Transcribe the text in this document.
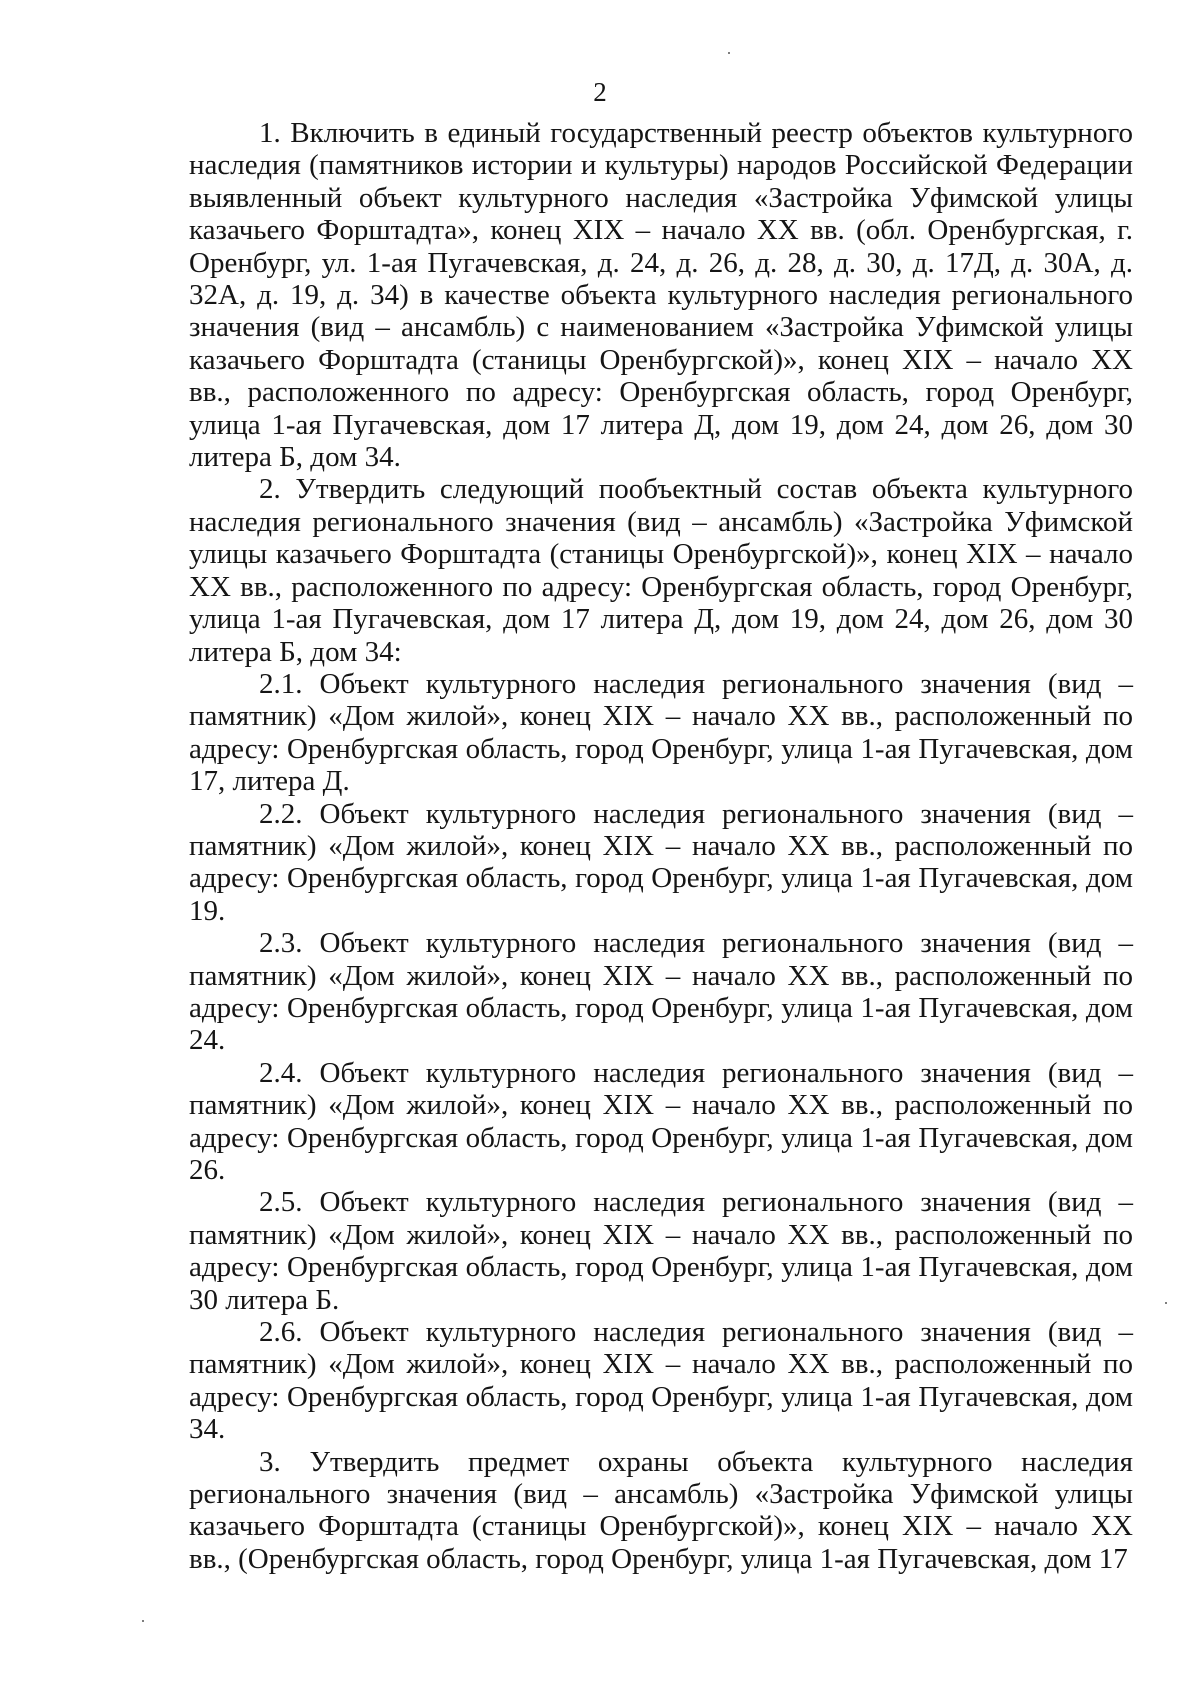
2

1. Включить в единый государственный реестр объектов культурного наследия (памятников истории и культуры) народов Российской Федерации выявленный объект культурного наследия «Застройка Уфимской улицы казачьего Форштадта», конец XIX – начало XX вв. (обл. Оренбургская, г. Оренбург, ул. 1-ая Пугачевская, д. 24, д. 26, д. 28, д. 30, д. 17Д, д. 30А, д. 32А, д. 19, д. 34) в качестве объекта культурного наследия регионального значения (вид – ансамбль) с наименованием «Застройка Уфимской улицы казачьего Форштадта (станицы Оренбургской)», конец XIX – начало XX вв., расположенного по адресу: Оренбургская область, город Оренбург, улица 1-ая Пугачевская, дом 17 литера Д, дом 19, дом 24, дом 26, дом 30 литера Б, дом 34.

2. Утвердить следующий пообъектный состав объекта культурного наследия регионального значения (вид – ансамбль) «Застройка Уфимской улицы казачьего Форштадта (станицы Оренбургской)», конец XIX – начало XX вв., расположенного по адресу: Оренбургская область, город Оренбург, улица 1-ая Пугачевская, дом 17 литера Д, дом 19, дом 24, дом 26, дом 30 литера Б, дом 34:

2.1. Объект культурного наследия регионального значения (вид – памятник) «Дом жилой», конец XIX – начало XX вв., расположенный по адресу: Оренбургская область, город Оренбург, улица 1-ая Пугачевская, дом 17, литера Д.

2.2. Объект культурного наследия регионального значения (вид – памятник) «Дом жилой», конец XIX – начало XX вв., расположенный по адресу: Оренбургская область, город Оренбург, улица 1-ая Пугачевская, дом 19.

2.3. Объект культурного наследия регионального значения (вид – памятник) «Дом жилой», конец XIX – начало XX вв., расположенный по адресу: Оренбургская область, город Оренбург, улица 1-ая Пугачевская, дом 24.

2.4. Объект культурного наследия регионального значения (вид – памятник) «Дом жилой», конец XIX – начало XX вв., расположенный по адресу: Оренбургская область, город Оренбург, улица 1-ая Пугачевская, дом 26.

2.5. Объект культурного наследия регионального значения (вид – памятник) «Дом жилой», конец XIX – начало XX вв., расположенный по адресу: Оренбургская область, город Оренбург, улица 1-ая Пугачевская, дом 30 литера Б.

2.6. Объект культурного наследия регионального значения (вид – памятник) «Дом жилой», конец XIX – начало XX вв., расположенный по адресу: Оренбургская область, город Оренбург, улица 1-ая Пугачевская, дом 34.

3. Утвердить предмет охраны объекта культурного наследия регионального значения (вид – ансамбль) «Застройка Уфимской улицы казачьего Форштадта (станицы Оренбургской)», конец XIX – начало XX вв., (Оренбургская область, город Оренбург, улица 1-ая Пугачевская, дом 17
